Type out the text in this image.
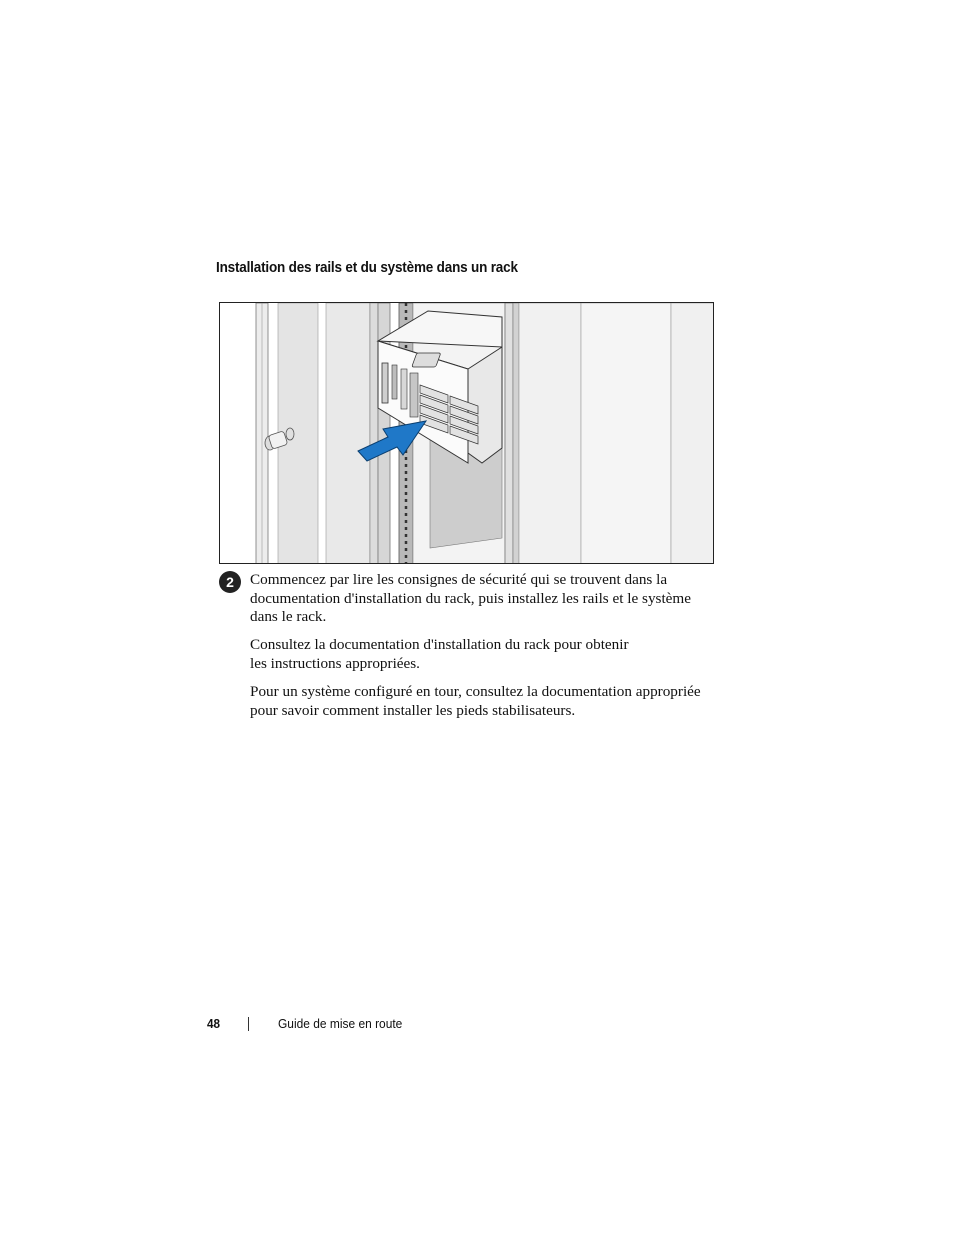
Installation des rails et du système dans un rack
2	Commencez par lire les consignes de sécurité qui se trouvent dans la
documentation d'installation du rack, puis installez les rails et le système
dans le rack.

Consultez la documentation d'installation du rack pour obtenir
les instructions appropriées.

Pour un système configuré en tour, consultez la documentation appropriée
pour savoir comment installer les pieds stabilisateurs.

48	Guide de mise en route
